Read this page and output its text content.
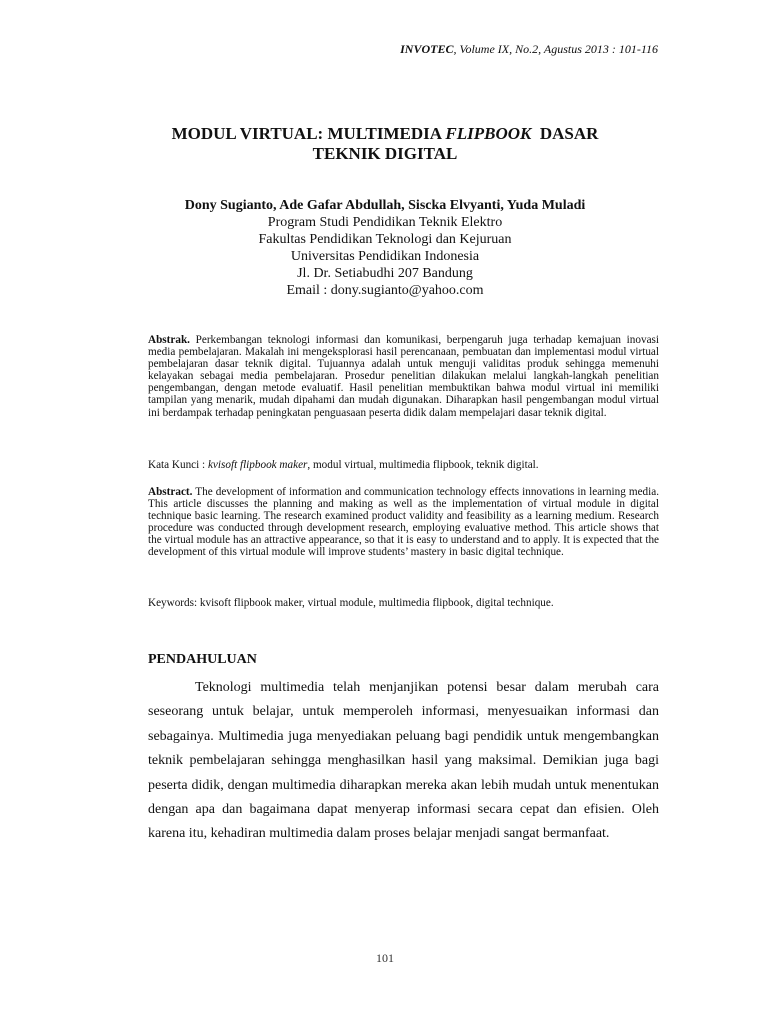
INVOTEC, Volume IX, No.2, Agustus 2013 : 101-116
MODUL VIRTUAL: MULTIMEDIA FLIPBOOK  DASAR
TEKNIK DIGITAL
Dony Sugianto, Ade Gafar Abdullah, Siscka Elvyanti, Yuda Muladi
Program Studi Pendidikan Teknik Elektro
Fakultas Pendidikan Teknologi dan Kejuruan
Universitas Pendidikan Indonesia
Jl. Dr. Setiabudhi 207 Bandung
Email : dony.sugianto@yahoo.com

Abstrak. Perkembangan teknologi informasi dan komunikasi, berpengaruh juga terhadap kemajuan inovasi media pembelajaran. Makalah ini mengeksplorasi hasil perencanaan, pembuatan dan implementasi modul virtual pembelajaran dasar teknik digital. Tujuannya adalah untuk menguji validitas produk sehingga memenuhi kelayakan sebagai media pembelajaran. Prosedur penelitian dilakukan melalui langkah-langkah penelitian pengembangan, dengan metode evaluatif. Hasil penelitian membuktikan bahwa modul virtual ini memiliki tampilan yang menarik, mudah dipahami dan mudah digunakan. Diharapkan hasil pengembangan modul virtual ini berdampak terhadap peningkatan penguasaan peserta didik dalam mempelajari dasar teknik digital.

Kata Kunci : kvisoft flipbook maker, modul virtual, multimedia flipbook, teknik digital.

Abstract. The development of information and communication technology effects innovations in learning media. This article discusses the planning and making as well as the implementation of virtual module in digital technique basic learning. The research examined product validity and feasibility as a learning medium. Research procedure was conducted through development research, employing evaluative method. This article shows that the virtual module has an attractive appearance, so that it is easy to understand and to apply. It is expected that the development of this virtual module will improve students’ mastery in basic digital technique.

Keywords: kvisoft flipbook maker, virtual module, multimedia flipbook, digital technique.

PENDAHULUAN

Teknologi multimedia telah menjanjikan potensi besar dalam merubah cara seseorang untuk belajar, untuk memperoleh informasi, menyesuaikan informasi dan sebagainya. Multimedia juga menyediakan peluang bagi pendidik untuk mengembangkan teknik pembelajaran sehingga menghasilkan hasil yang maksimal. Demikian juga bagi peserta didik, dengan multimedia diharapkan mereka akan lebih mudah untuk menentukan dengan apa dan bagaimana dapat menyerap informasi secara cepat dan efisien. Oleh karena itu, kehadiran multimedia dalam proses belajar menjadi sangat bermanfaat.

101
